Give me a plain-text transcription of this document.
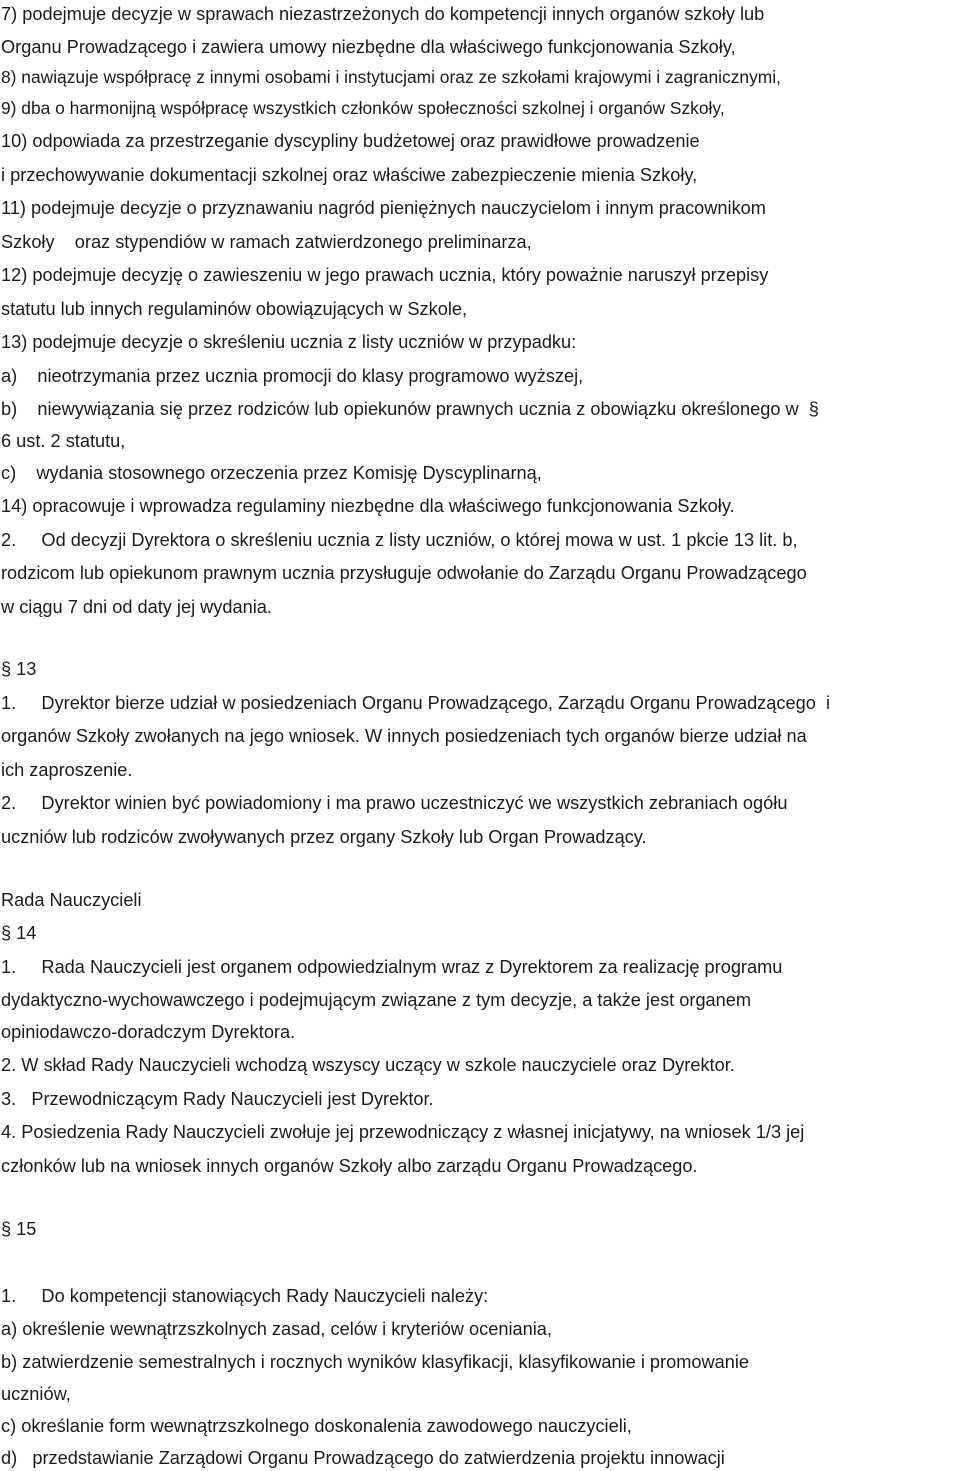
7) podejmuje decyzje w sprawach niezastrzeżonych do kompetencji innych organów szkoły lub
Organu Prowadzącego i zawiera umowy niezbędne dla właściwego funkcjonowania Szkoły,
8) nawiązuje współpracę z innymi osobami i instytucjami oraz ze szkołami krajowymi i zagranicznymi,
9) dba o harmonijną współpracę wszystkich członków społeczności szkolnej i organów Szkoły,
10) odpowiada za przestrzeganie dyscypliny budżetowej oraz prawidłowe prowadzenie
i przechowywanie dokumentacji szkolnej oraz właściwe zabezpieczenie mienia Szkoły,
11) podejmuje decyzje o przyznawaniu nagród pieniężnych nauczycielom i innym pracownikom
Szkoły    oraz stypendiów w ramach zatwierdzonego preliminarza,
12) podejmuje decyzję o zawieszeniu w jego prawach ucznia, który poważnie naruszył przepisy
statutu lub innych regulaminów obowiązujących w Szkole,
13) podejmuje decyzje o skreśleniu ucznia z listy uczniów w przypadku:
a)    nieotrzymania przez ucznia promocji do klasy programowo wyższej,
b)    niewywiązania się przez rodziców lub opiekunów prawnych ucznia z obowiązku określonego w  §
6 ust. 2 statutu,
c)    wydania stosownego orzeczenia przez Komisję Dyscyplinarną,
14) opracowuje i wprowadza regulaminy niezbędne dla właściwego funkcjonowania Szkoły.
2.     Od decyzji Dyrektora o skreśleniu ucznia z listy uczniów, o której mowa w ust. 1 pkcie 13 lit. b,
rodzicom lub opiekunom prawnym ucznia przysługuje odwołanie do Zarządu Organu Prowadzącego
w ciągu 7 dni od daty jej wydania.
§ 13
1.     Dyrektor bierze udział w posiedzeniach Organu Prowadzącego, Zarządu Organu Prowadzącego  i
organów Szkoły zwołanych na jego wniosek. W innych posiedzeniach tych organów bierze udział na
ich zaproszenie.
2.     Dyrektor winien być powiadomiony i ma prawo uczestniczyć we wszystkich zebraniach ogółu
uczniów lub rodziców zwoływanych przez organy Szkoły lub Organ Prowadzący.
Rada Nauczycieli
§ 14
1.     Rada Nauczycieli jest organem odpowiedzialnym wraz z Dyrektorem za realizację programu
dydaktyczno-wychowawczego i podejmującym związane z tym decyzje, a także jest organem
opiniodawczo-doradczym Dyrektora.
2. W skład Rady Nauczycieli wchodzą wszyscy uczący w szkole nauczyciele oraz Dyrektor.
3.   Przewodniczącym Rady Nauczycieli jest Dyrektor.
4. Posiedzenia Rady Nauczycieli zwołuje jej przewodniczący z własnej inicjatywy, na wniosek 1/3 jej
członków lub na wniosek innych organów Szkoły albo zarządu Organu Prowadzącego.
§ 15
1.     Do kompetencji stanowiących Rady Nauczycieli należy:
a) określenie wewnątrzszkolnych zasad, celów i kryteriów oceniania,
b) zatwierdzenie semestralnych i rocznych wyników klasyfikacji, klasyfikowanie i promowanie
uczniów,
c) określanie form wewnątrzszkolnego doskonalenia zawodowego nauczycieli,
d)   przedstawianie Zarządowi Organu Prowadzącego do zatwierdzenia projektu innowacji
